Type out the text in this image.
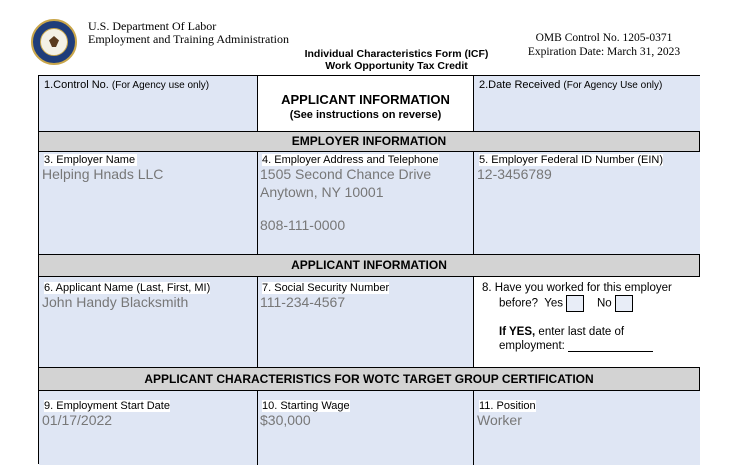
U.S. Department Of Labor
Employment and Training Administration
Individual Characteristics Form (ICF)
Work Opportunity Tax Credit
OMB Control No. 1205-0371
Expiration Date: March 31, 2023
1.Control No. (For Agency use only)
APPLICANT INFORMATION
(See instructions on reverse)
2.Date Received (For Agency Use only)
EMPLOYER INFORMATION
3. Employer Name
Helping Hnads LLC
4. Employer Address and Telephone
1505 Second Chance Drive
Anytown, NY 10001
808-111-0000
5. Employer Federal ID Number (EIN)
12-3456789
APPLICANT INFORMATION
6. Applicant Name (Last, First, MI)
John Handy Blacksmith
7. Social Security Number
111-234-4567
8. Have you worked for this employer
before? Yes	No
If YES, enter last date of
employment:
APPLICANT CHARACTERISTICS FOR WOTC TARGET GROUP CERTIFICATION
9. Employment Start Date
01/17/2022
10. Starting Wage
$30,000
11. Position
Worker
